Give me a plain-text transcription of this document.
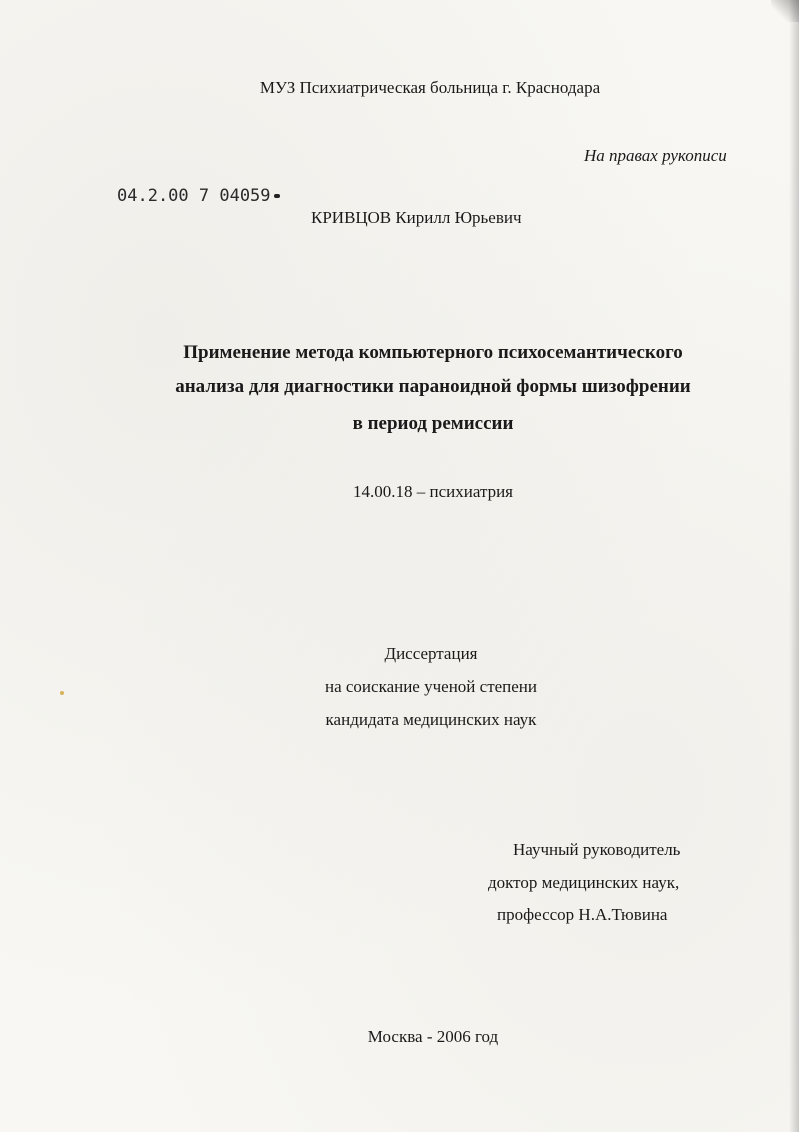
МУЗ Психиатрическая больница г. Краснодара
На правах рукописи
04.2.00 7 04059
КРИВЦОВ Кирилл Юрьевич
Применение метода компьютерного психосемантического
анализа для диагностики параноидной формы шизофрении
в период ремиссии
14.00.18 – психиатрия
Диссертация
на соискание ученой степени
кандидата медицинских наук
Научный руководитель
доктор медицинских наук,
профессор Н.А.Тювина
Москва - 2006 год
